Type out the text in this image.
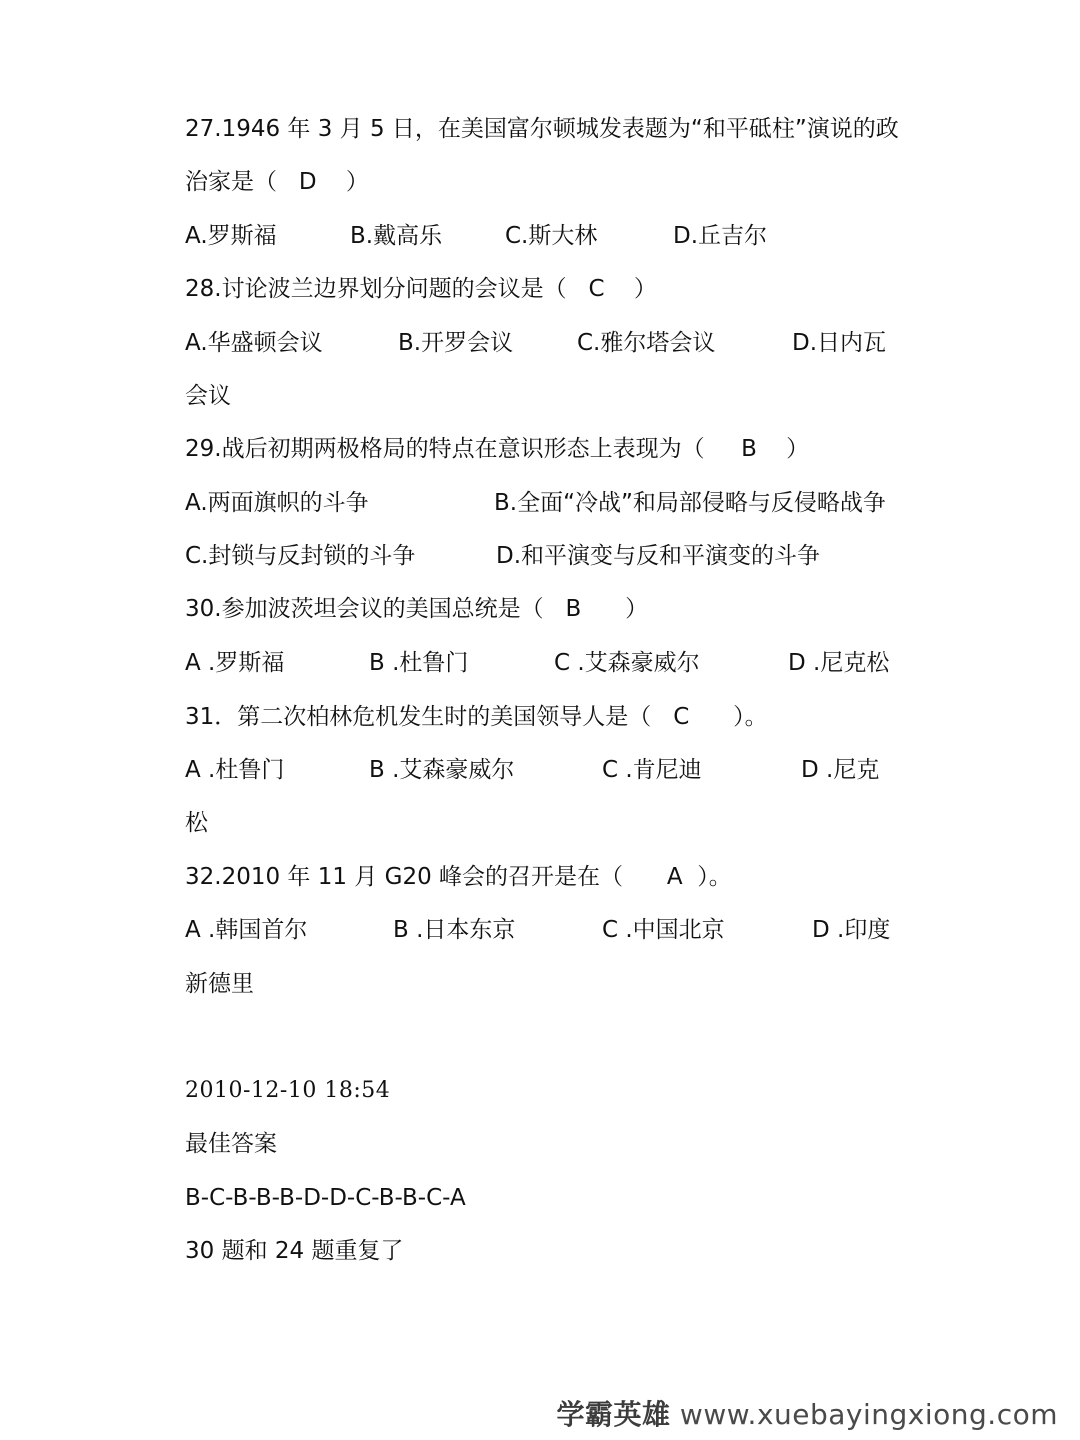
27.1946 年 3 月 5 日，在美国富尔顿城发表题为“和平砥柱”演说的政
治家是（   D    ）

A.罗斯福

	B.戴高乐

	C.斯大林

	D.丘吉尔

28.讨论波兰边界划分问题的会议是（   C    ）

A.华盛顿会议

	B.开罗会议

	C.雅尔塔会议

	D.日内瓦

会议
29.战后初期两极格局的特点在意识形态上表现为（     B    ）

A.两面旗帜的斗争

	B.全面“冷战”和局部侵略与反侵略战争

C.封锁与反封锁的斗争

	D.和平演变与反和平演变的斗争

30.参加波茨坦会议的美国总统是（   B      ）

A .罗斯福

	B .杜鲁门

	C .艾森豪威尔

	D .尼克松

31．第二次柏林危机发生时的美国领导人是（   C      ）。

A .杜鲁门

	B .艾森豪威尔

	C .肯尼迪

	D .尼克

松
32.2010 年 11 月 G20 峰会的召开是在（      A  ）。

A .韩国首尔

	B .日本东京

	C .中国北京

	D .印度

新德里
2010-12-10 18:54
最佳答案
B-C-B-B-B-D-D-C-B-B-C-A
30 题和 24 题重复了
学霸英雄 www.xuebayingxiong.com
